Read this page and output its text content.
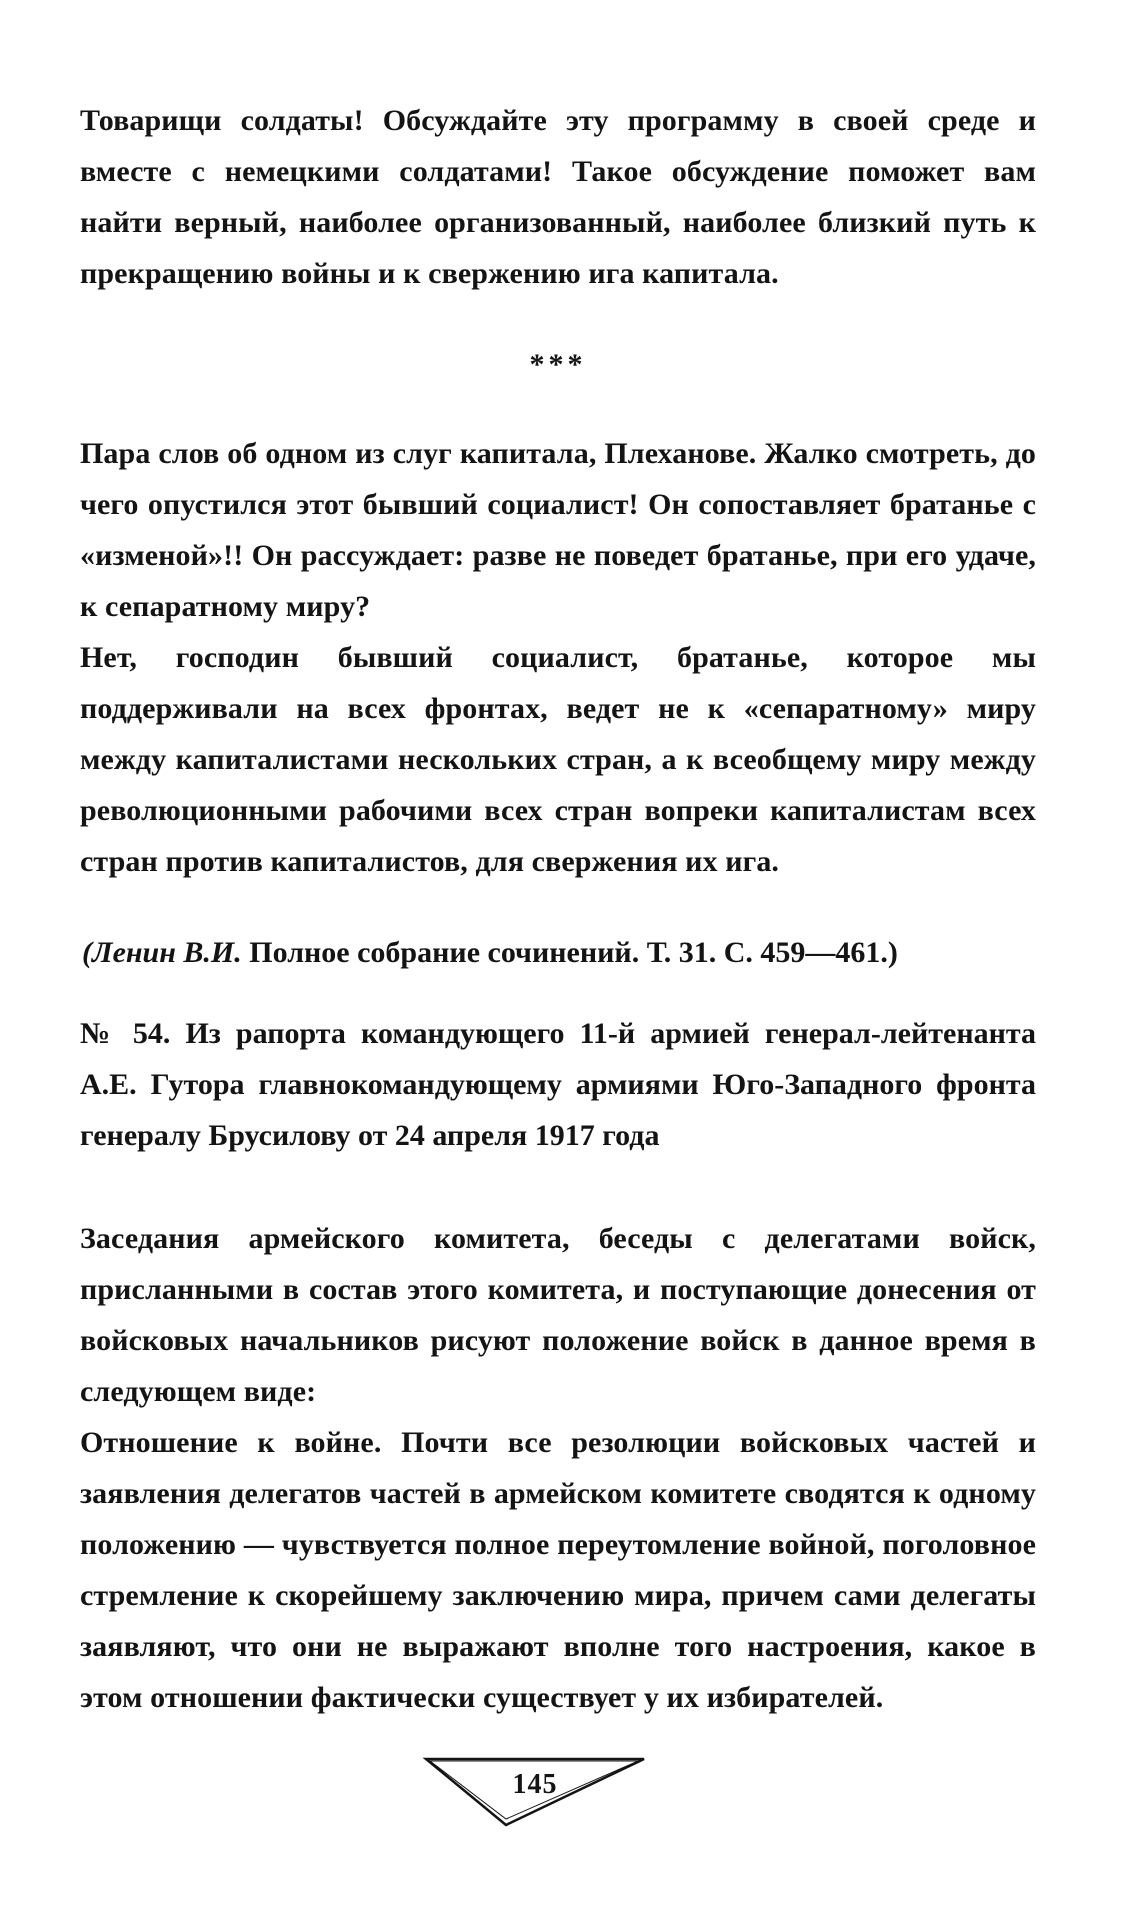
Товарищи солдаты! Обсуждайте эту программу в своей среде и вместе с немецкими солдатами! Такое обсуждение поможет вам найти верный, наиболее организованный, наиболее близкий путь к прекращению войны и к свержению ига капитала.

***

Пара слов об одном из слуг капитала, Плеханове. Жалко смотреть, до чего опустился этот бывший социалист! Он сопоставляет братанье с «изменой»!! Он рассуждает: разве не поведет братанье, при его удаче, к сепаратному миру?

Нет, господин бывший социалист, братанье, которое мы поддерживали на всех фронтах, ведет не к «сепаратному» миру между капиталистами нескольких стран, а к всеобщему миру между революционными рабочими всех стран вопреки капиталистам всех стран против капиталистов, для свержения их ига.

(Ленин В.И. Полное собрание сочинений. Т. 31. С. 459—461.)

№ 54. Из рапорта командующего 11-й армией генерал-лейтенанта А.Е. Гутора главнокомандующему армиями Юго-Западного фронта генералу Брусилову от 24 апреля 1917 года

Заседания армейского комитета, беседы с делегатами войск, присланными в состав этого комитета, и поступающие донесения от войсковых начальников рисуют положение войск в данное время в следующем виде:

Отношение к войне. Почти все резолюции войсковых частей и заявления делегатов частей в армейском комитете сводятся к одному положению — чувствуется полное переутомление войной, поголовное стремление к скорейшему заключению мира, причем сами делегаты заявляют, что они не выражают вполне того настроения, какое в этом отношении фактически существует у их избирателей.

145
